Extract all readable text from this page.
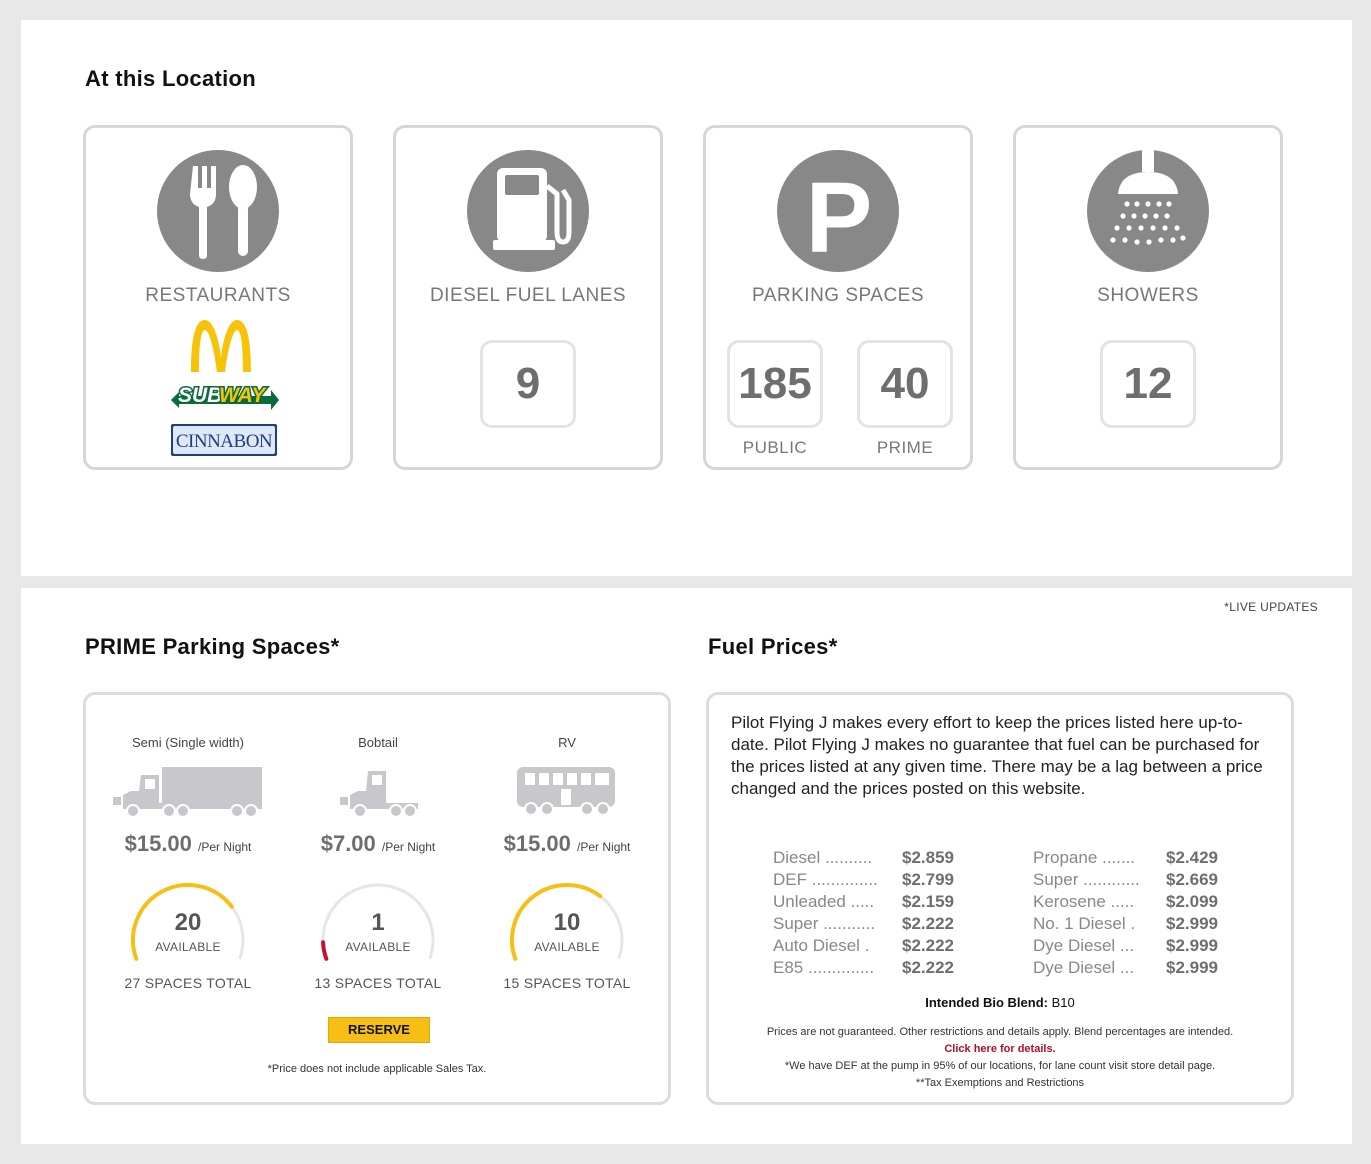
At this Location
RESTAURANTS
SUB
WAY
CINNABON
DIESEL FUEL LANES
9
P
PARKING SPACES
185
PUBLIC
40
PRIME
SHOWERS
12
*LIVE UPDATES
PRIME Parking Spaces*	Fuel Prices*
Semi (Single width)
$15.00 /Per Night
20
AVAILABLE
27 SPACES TOTAL
Bobtail
$7.00 /Per Night
1
AVAILABLE
13 SPACES TOTAL
RV
$15.00 /Per Night
10
AVAILABLE
15 SPACES TOTAL
RESERVE
*Price does not include applicable Sales Tax.
Pilot Flying J makes every effort to keep the prices listed here up-to-date. Pilot Flying J makes no guarantee that fuel can be purchased for the prices listed at any given time. There may be a lag between a price changed and the prices posted on this website.
Diesel .......... $2.859
DEF .............. $2.799
Unleaded ..... $2.159
Super ........... $2.222
Auto Diesel . $2.222
E85 .............. $2.222
Propane ....... $2.429
Super ............ $2.669
Kerosene ..... $2.099
No. 1 Diesel . $2.999
Dye Diesel ... $2.999
Dye Diesel ... $2.999
Intended Bio Blend: B10
Prices are not guaranteed. Other restrictions and details apply. Blend percentages are intended.
Click here for details.
*We have DEF at the pump in 95% of our locations, for lane count visit store detail page.
**Tax Exemptions and Restrictions
